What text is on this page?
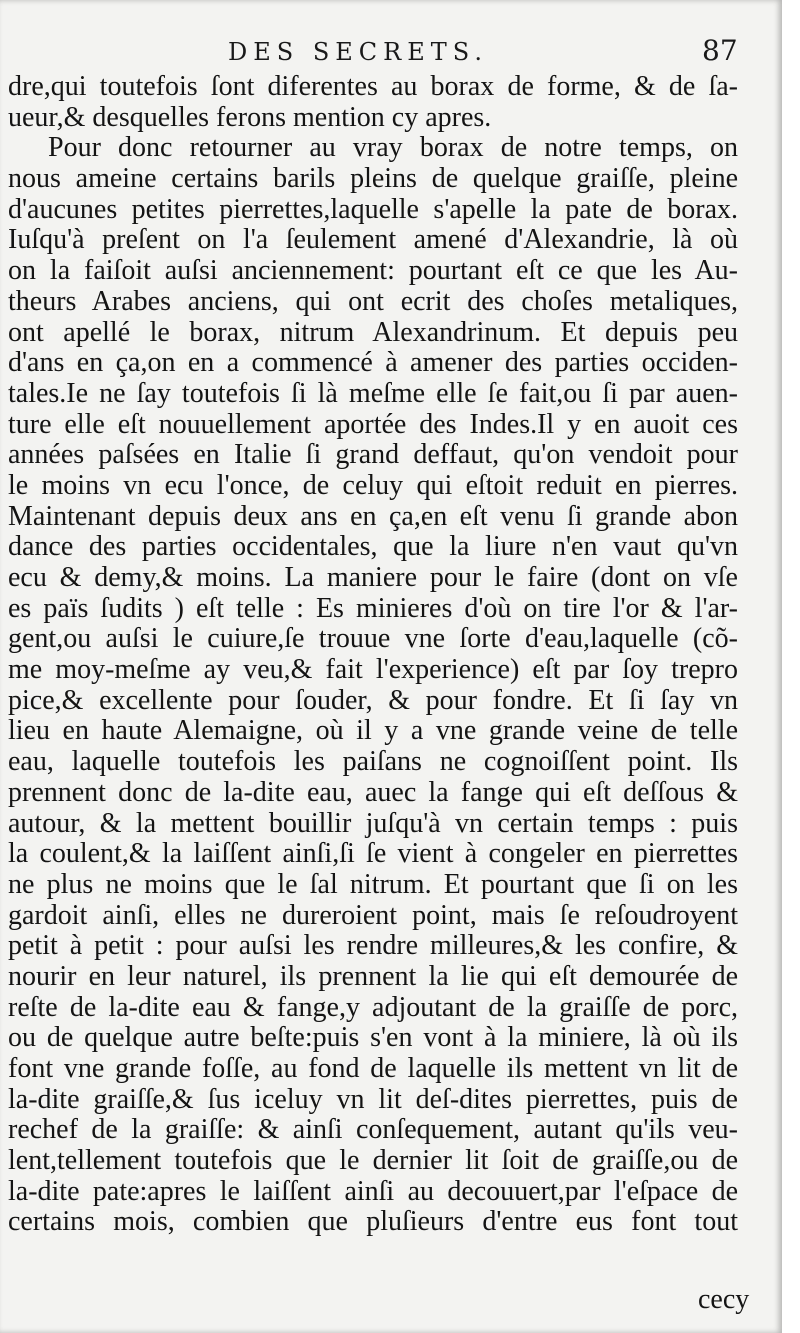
DES SECRETS.	87
dre,qui toutefois ſont diferentes au borax de forme, & de ſa-
ueur,& desquelles ferons mention cy apres.
Pour donc retourner au vray borax de notre temps, on
nous ameine certains barils pleins de quelque graiſſe, pleine
d'aucunes petites pierrettes,laquelle s'apelle la pate de borax.
Iuſqu'à preſent on l'a ſeulement amené d'Alexandrie, là où
on la faiſoit auſsi anciennement: pourtant eſt ce que les Au-
theurs Arabes anciens, qui ont ecrit des choſes metaliques,
ont apellé le borax, nitrum Alexandrinum. Et depuis peu
d'ans en ça,on en a commencé à amener des parties occiden-
tales.Ie ne ſay toutefois ſi là meſme elle ſe fait,ou ſi par auen-
ture elle eſt nouuellement aportée des Indes.Il y en auoit ces
années paſsées en Italie ſi grand deffaut, qu'on vendoit pour
le moins vn ecu l'once, de celuy qui eſtoit reduit en pierres.
Maintenant depuis deux ans en ça,en eſt venu ſi grande abon
dance des parties occidentales, que la liure n'en vaut qu'vn
ecu & demy,& moins. La maniere pour le faire (dont on vſe
es païs ſudits ) eſt telle : Es minieres d'où on tire l'or & l'ar-
gent,ou auſsi le cuiure,ſe trouue vne ſorte d'eau,laquelle (cõ-
me moy-meſme ay veu,& fait l'experience) eſt par ſoy trepro
pice,& excellente pour ſouder, & pour fondre. Et ſi ſay vn
lieu en haute Alemaigne, où il y a vne grande veine de telle
eau, laquelle toutefois les paiſans ne cognoiſſent point. Ils
prennent donc de la-dite eau, auec la fange qui eſt deſſous &
autour, & la mettent bouillir juſqu'à vn certain temps : puis
la coulent,& la laiſſent ainſi,ſi ſe vient à congeler en pierrettes
ne plus ne moins que le ſal nitrum. Et pourtant que ſi on les
gardoit ainſi, elles ne dureroient point, mais ſe reſoudroyent
petit à petit : pour auſsi les rendre milleures,& les confire, &
nourir en leur naturel, ils prennent la lie qui eſt demourée de
reſte de la-dite eau & fange,y adjoutant de la graiſſe de porc,
ou de quelque autre beſte:puis s'en vont à la miniere, là où ils
font vne grande foſſe, au fond de laquelle ils mettent vn lit de
la-dite graiſſe,& ſus iceluy vn lit deſ-dites pierrettes, puis de
rechef de la graiſſe: & ainſi conſequement, autant qu'ils veu-
lent,tellement toutefois que le dernier lit ſoit de graiſſe,ou de
la-dite pate:apres le laiſſent ainſi au decouuert,par l'eſpace de
certains mois, combien que pluſieurs d'entre eus font tout
cecy
